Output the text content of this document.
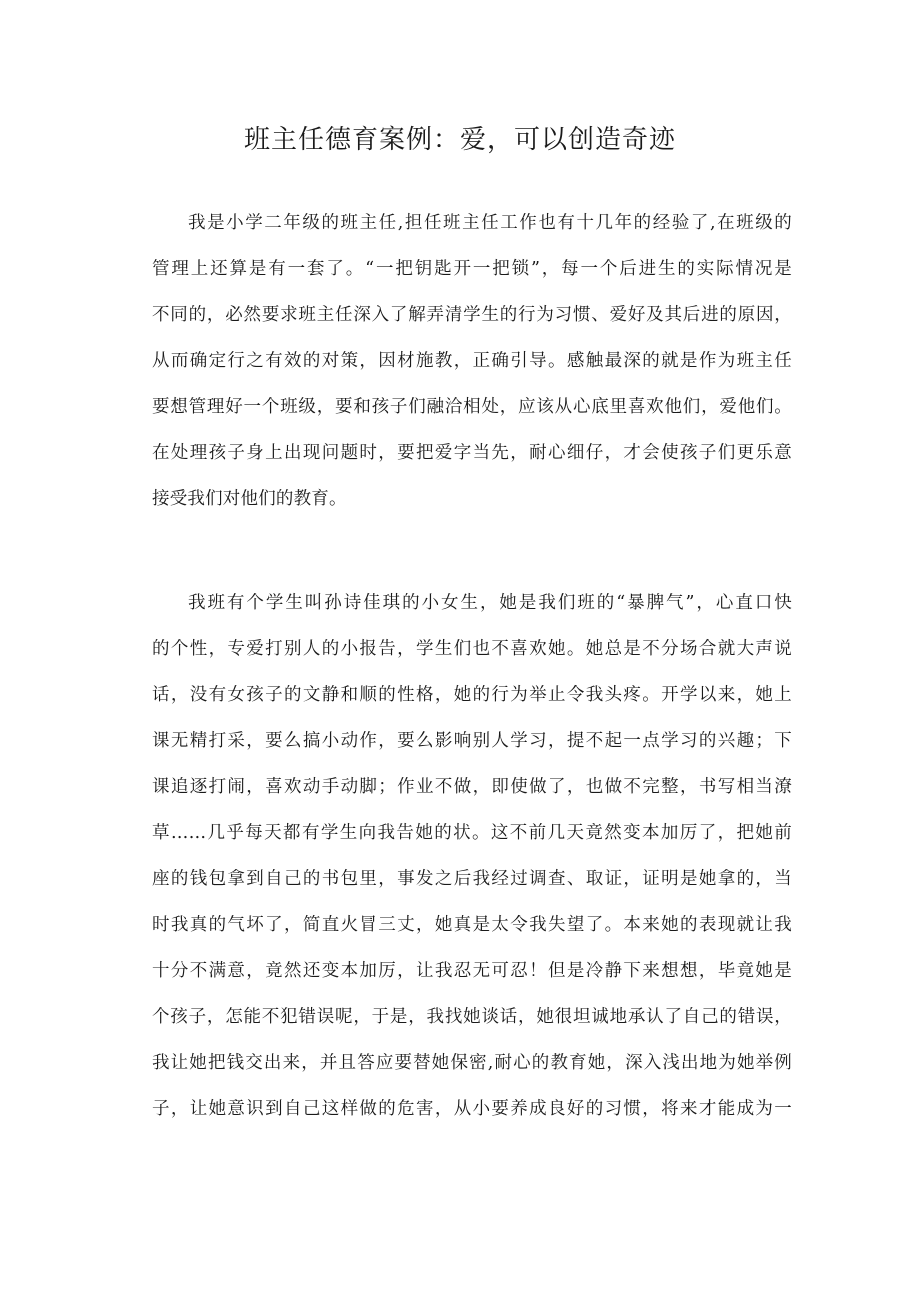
班主任德育案例：爱，可以创造奇迹
我是小学二年级的班主任,担任班主任工作也有十几年的经验了,在班级的
管理上还算是有一套了。“一把钥匙开一把锁”，每一个后进生的实际情况是
不同的，必然要求班主任深入了解弄清学生的行为习惯、爱好及其后进的原因，
从而确定行之有效的对策，因材施教，正确引导。感触最深的就是作为班主任
要想管理好一个班级，要和孩子们融洽相处，应该从心底里喜欢他们，爱他们。
在处理孩子身上出现问题时，要把爱字当先，耐心细仔，才会使孩子们更乐意
接受我们对他们的教育。
我班有个学生叫孙诗佳琪的小女生，她是我们班的“暴脾气”，心直口快
的个性，专爱打别人的小报告，学生们也不喜欢她。她总是不分场合就大声说
话，没有女孩子的文静和顺的性格，她的行为举止令我头疼。开学以来，她上
课无精打采，要么搞小动作，要么影响别人学习，提不起一点学习的兴趣；下
课追逐打闹，喜欢动手动脚；作业不做，即使做了，也做不完整，书写相当潦
草……几乎每天都有学生向我告她的状。这不前几天竟然变本加厉了，把她前
座的钱包拿到自己的书包里，事发之后我经过调查、取证，证明是她拿的，当
时我真的气坏了，简直火冒三丈，她真是太令我失望了。本来她的表现就让我
十分不满意，竟然还变本加厉，让我忍无可忍！但是冷静下来想想，毕竟她是
个孩子，怎能不犯错误呢，于是，我找她谈话，她很坦诚地承认了自己的错误，
我让她把钱交出来，并且答应要替她保密,耐心的教育她，深入浅出地为她举例
子，让她意识到自己这样做的危害，从小要养成良好的习惯，将来才能成为一
